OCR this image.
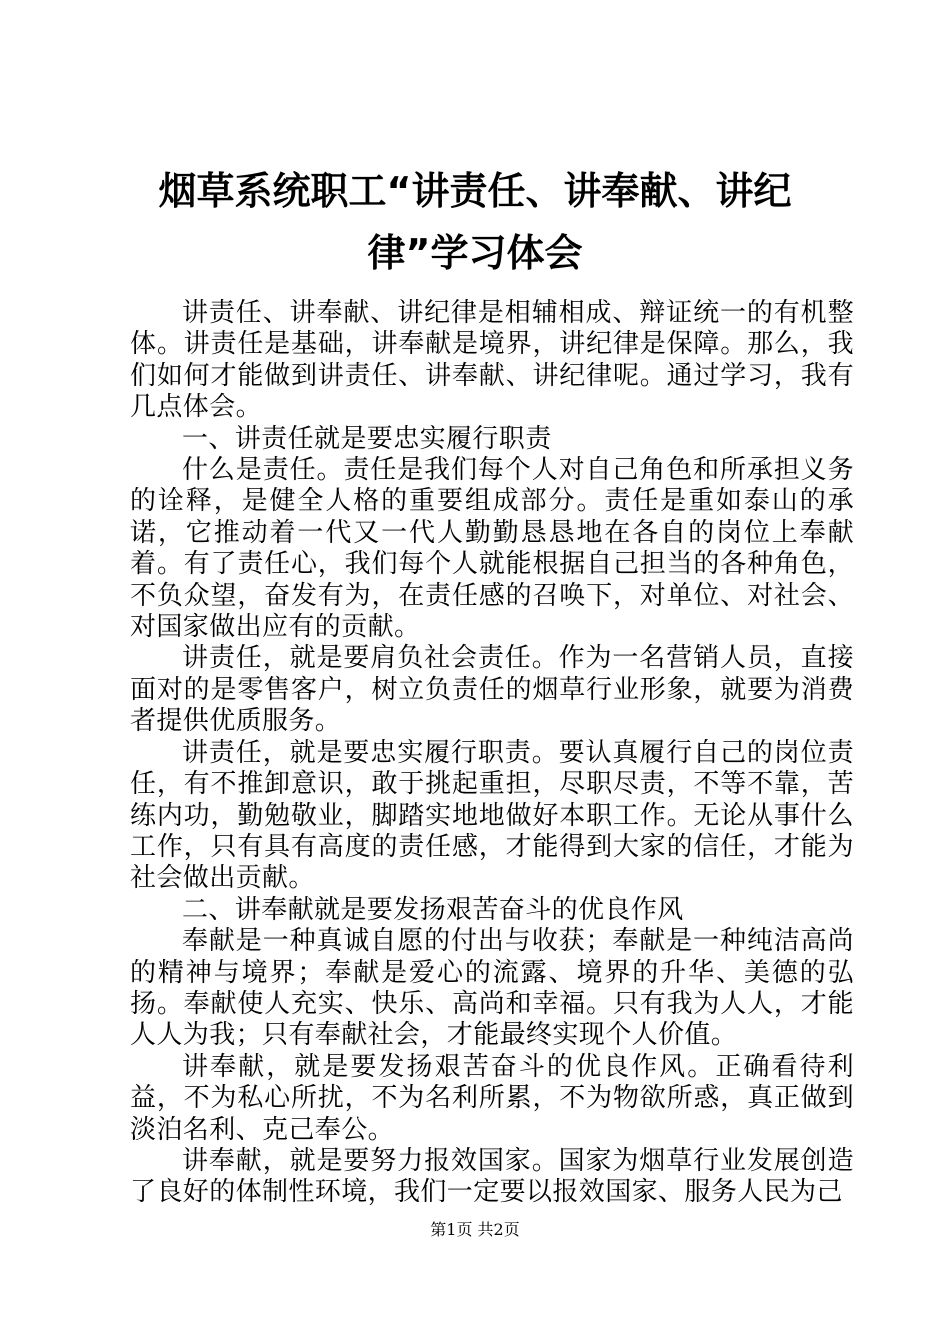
烟草系统职工“讲责任、讲奉献、讲纪律”学习体会

讲责任、讲奉献、讲纪律是相辅相成、辩证统一的有机整体。讲责任是基础，讲奉献是境界，讲纪律是保障。那么，我们如何才能做到讲责任、讲奉献、讲纪律呢。通过学习，我有几点体会。

一、讲责任就是要忠实履行职责

什么是责任。责任是我们每个人对自己角色和所承担义务的诠释，是健全人格的重要组成部分。责任是重如泰山的承诺，它推动着一代又一代人勤勤恳恳地在各自的岗位上奉献着。有了责任心，我们每个人就能根据自己担当的各种角色，不负众望，奋发有为，在责任感的召唤下，对单位、对社会、对国家做出应有的贡献。

讲责任，就是要肩负社会责任。作为一名营销人员，直接面对的是零售客户，树立负责任的烟草行业形象，就要为消费者提供优质服务。

讲责任，就是要忠实履行职责。要认真履行自己的岗位责任，有不推卸意识，敢于挑起重担，尽职尽责，不等不靠，苦练内功，勤勉敬业，脚踏实地地做好本职工作。无论从事什么工作，只有具有高度的责任感，才能得到大家的信任，才能为社会做出贡献。

二、讲奉献就是要发扬艰苦奋斗的优良作风

奉献是一种真诚自愿的付出与收获；奉献是一种纯洁高尚的精神与境界；奉献是爱心的流露、境界的升华、美德的弘扬。奉献使人充实、快乐、高尚和幸福。只有我为人人，才能人人为我；只有奉献社会，才能最终实现个人价值。

讲奉献，就是要发扬艰苦奋斗的优良作风。正确看待利益，不为私心所扰，不为名利所累，不为物欲所惑，真正做到淡泊名利、克己奉公。

讲奉献，就是要努力报效国家。国家为烟草行业发展创造了良好的体制性环境，我们一定要以报效国家、服务人民为己

第1页 共2页
